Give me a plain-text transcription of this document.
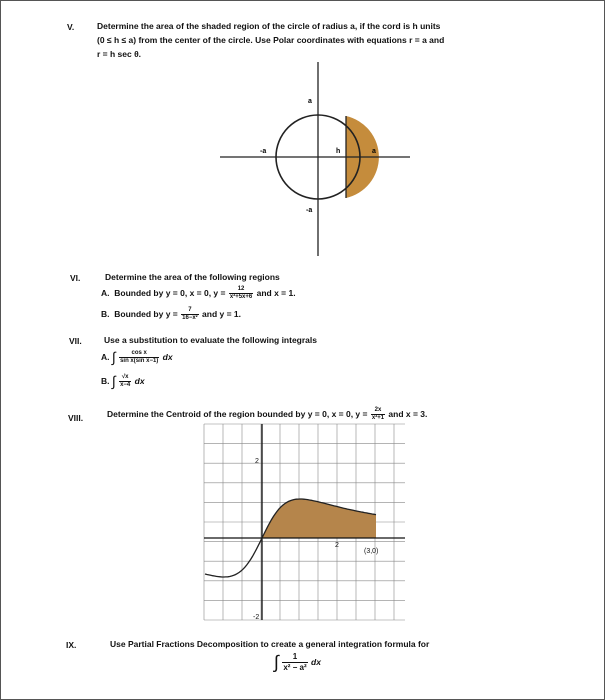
V.	Determine the area of the shaded region of the circle of radius a, if the cord is h units
(0 ≤ h ≤ a) from the center of the circle. Use Polar coordinates with equations r = a and
r = h sec θ.
a
-a
-a	a
h
VI.	Determine the area of the following regions
A. Bounded by y = 0, x = 0, $y = \frac{12}{\text{x²+5x+6}}$ and x = 1.
B. Bounded by $y = \frac{7}{\text{16−x²}}$ and y = 1.
VII.	Use a substitution to evaluate the following integrals
A. ∫ $\frac{\text{cos x}}{\text{sin x(sin x−1)}}$ dx
B. ∫ $\frac{√x}{x-4}$ dx
VIII.	Determine the Centroid of the region bounded by y = 0, x = 0, $y = \frac{2x}{\text{x²+1}}$ and x = 3.
2
-2
2
(3,0)
IX.	Use Partial Fractions Decomposition to create a general integration formula for
∫ $\frac{1}{\text{x² − a²}}$ dx
